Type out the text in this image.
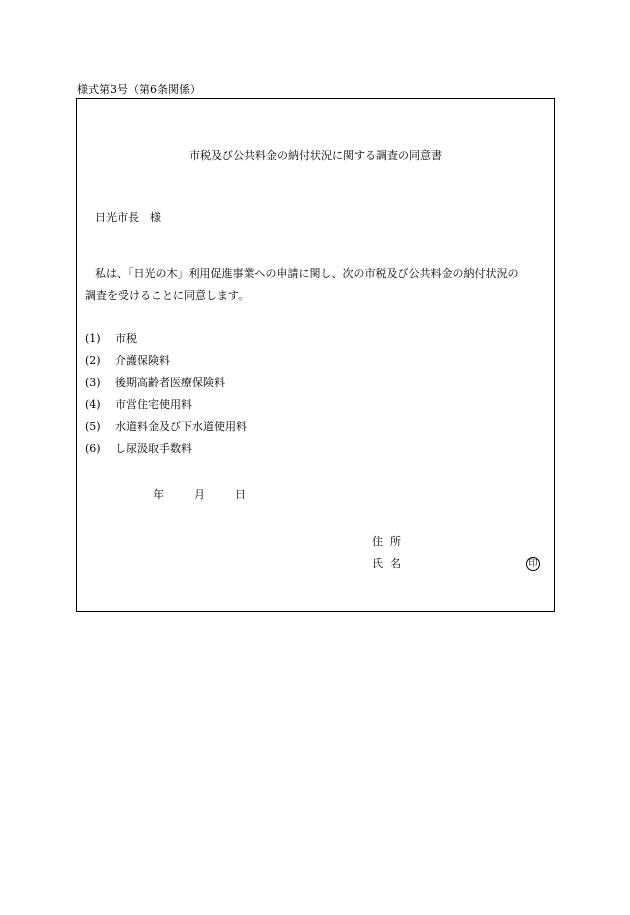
様式第3号（第6条関係）
市税及び公共料金の納付状況に関する調査の同意書
日光市長　様
私は、「日光の木」利用促進事業への申請に関し、次の市税及び公共料金の納付状況の
調査を受けることに同意します。
(1) 市税
(2) 介護保険料
(3) 後期高齢者医療保険料
(4) 市営住宅使用料
(5) 水道料金及び下水道使用料
(6) し尿汲取手数料
年	月	日
住 所
氏 名	印
